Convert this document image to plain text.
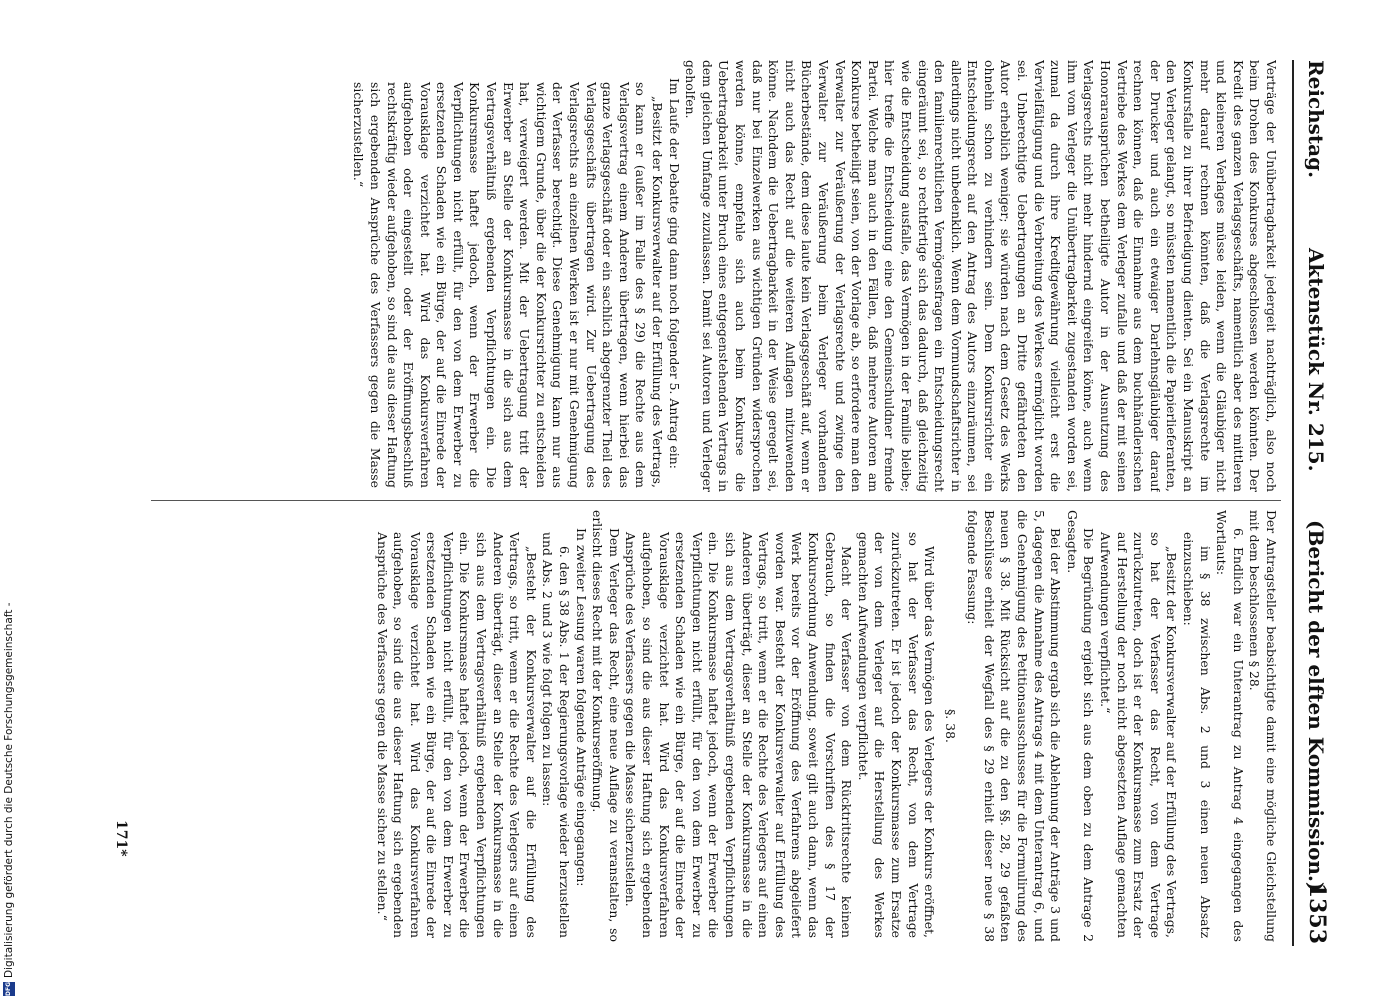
Reichstag.
Aktenstück Nr. 215.
(Bericht der elften Kommission.)
1353

Verträge der Unübertragbarkeit jedergeit nachträglich, also noch beim Drohen des Konkurses abgeschlossen werden könnten. Der Kredit des ganzen Verlagsgeschäfts, namentlich aber des mittleren und kleineren Verlages müsse leiden, wenn die Gläubiger nicht mehr darauf rechnen könnten, daß die Verlagsrechte im Konkursfalle zu ihrer Befriedigung dienten. Sei ein Manuskript an den Verleger gelangt, so müssten namentlich die Papierlieferanten, der Drucker und auch ein etwaiger Darlehnsgläubiger darauf rechnen können, daß die Einnahme aus dem buchhändlerischen Vertriebe des Werkes dem Verleger zufalle und daß der mit seinen Honorarausprüchen betheiligte Autor in der Ausnutzung des Verlagsrechts nicht mehr hindernd eingreifen könne, auch wenn ihm vom Verleger die Unübertragbarkeit zugestanden worden sei, zumal da durch ihre Kreditgewährung vielleicht erst die Vervielfältigung und die Verbreitung des Werkes ermöglicht worden sei. Unberechtigte Uebertragungen an Dritte gefährdeten den Autor erheblich weniger; sie würden nach dem Gesetz des Werks ohnehin schon zu verhindern sein. Dem Konkursrichter ein Entscheidungsrecht auf den Antrag des Autors einzuräumen, sei allerdings nicht unbedenklich. Wenn dem Vormundschaftsrichter in den familienrechtlichen Vermögensfragen ein Entscheidungsrecht eingeräumt sei, so rechtfertige sich das dadurch, daß gleichzeitig wie die Entscheidung ausfalle, das Vermögen in der Familie bleibe; hier treffe die Entscheidung eine den Gemeinschuldner fremde Partei. Welche man auch in den Fällen, daß mehrere Autoren am Konkurse betheiligt seien, von der Vorlage ab, so erfordere man den Verwalter zur Veräußerung der Verlagsrechte und zwinge den Verwalter zur Veräußerung beim Verleger vorhandenen Bücherbestände, dem diese laute kein Verlagsgeschäft auf, wenn er nicht auch das Recht auf die weiteren Auflagen mitzuwenden könne. Nachdem die Uebertragbarkeit in der Weise geregelt sei, daß nur bei Einzelwerken aus wichtigen Gründen widersprochen werden könne, empfehle sich auch beim Konkurse die Uebertragbarkeit unter Bruch eines entgegenstehenden Vertrags in dem gleichen Umfange zuzulassen. Damit sei Autoren und Verleger geholfen.

Im Laufe der Debatte ging dann noch folgender 5. Antrag ein:

„Besitzt der Konkursverwalter auf der Erfüllung des Vertrags, so kann er (außer im Falle des § 29) die Rechte aus dem Verlagsvertrag einem Anderen übertragen, wenn hierbei das ganze Verlagsgeschäft oder ein sachlich abgegrenzter Theil des Verlagsgeschäfts übertragen wird. Zur Uebertragung des Verlagsrechts an einzelnen Werken ist er nur mit Genehmigung der Verfasser berechtigt. Diese Genehmigung kann nur aus wichtigem Grunde, über die der Konkursrichter zu entscheiden hat, verweigert werden. Mit der Uebertragung tritt der Erwerber an Stelle der Konkursmasse in die sich aus dem Vertragsverhältniß ergebenden Verpflichtungen ein. Die Konkursmasse haftet jedoch, wenn der Erwerber die Verpflichtungen nicht erfüllt, für den von dem Erwerber zu ersetzenden Schaden wie ein Bürge, der auf die Einrede der Vorausklage verzichtet hat. Wird das Konkursverfahren aufgehoben oder eingestellt oder der Eröffnungsbeschluß rechtskräftig wieder aufgehoben, so sind die aus dieser Haftung sich ergebenden Ansprüche des Verfassers gegen die Masse sicherzustellen.“

Der Antragsteller beabsichtigte damit eine mögliche Gleichstellung mit dem beschlossenen § 28.

6. Endlich war ein Unterantrag zu Antrag 4 eingegangen des Wortlauts:

im § 38 zwischen Abs. 2 und 3 einen neuen Absatz einzuschieben:

„Besitzt der Konkursverwalter auf der Erfüllung des Vertrags, so hat der Verfasser das Recht, von dem Vertrage zurückzutreten, doch ist er der Konkursmasse zum Ersatz der auf Herstellung der noch nicht abgesetzten Auflage gemachten Aufwendungen verpflichtet.“

Die Begründung ergiebt sich aus dem oben zu dem Antrage 2 Gesagten.

Bei der Abstimmung ergab sich die Ablehnung der Anträge 3 und 5, dagegen die Annahme des Antrags 4 mit dem Unterantrag 6, und die Genehmigung des Petitionsausschusses für die Formulirung des neuen § 38. Mit Rücksicht auf die zu den §§. 28, 29 gefaßten Beschlüsse erhielt der Wegfall des § 29 erhielt dieser neue § 38 folgende Fassung:

§. 38.

Wird über das Vermögen des Verlegers der Konkurs eröffnet, so hat der Verfasser das Recht, von dem Vertrage zurückzutreten. Er ist jedoch der Konkursmasse zum Ersatze der von dem Verleger auf die Herstellung des Werkes gemachten Aufwendungen verpflichtet.

Macht der Verfasser von dem Rücktrittsrechte keinen Gebrauch, so finden die Vorschriften des § 17 der Konkursordnung Anwendung, soweit gilt auch dann, wenn das Werk bereits vor der Eröffnung des Verfahrens abgeliefert worden war. Besteht der Konkursverwalter auf Erfüllung des Vertrags, so tritt, wenn er die Rechte des Verlegers auf einen Anderen überträgt, dieser an Stelle der Konkursmasse in die sich aus dem Vertragsverhältniß ergebenden Verpflichtungen ein. Die Konkursmasse haftet jedoch, wenn der Erwerber die Verpflichtungen nicht erfüllt, für den von dem Erwerber zu ersetzenden Schaden wie ein Bürge, der auf die Einrede der Vorausklage verzichtet hat. Wird das Konkursverfahren aufgehoben, so sind die aus dieser Haftung sich ergebenden Ansprüche des Verfassers gegen die Masse sicherzustellen.

Dem Verleger das Recht, eine neue Auflage zu veranstalten, so erlischt dieses Recht mit der Konkurseröffnung.

In zweiter Lesung waren folgende Anträge eingegangen:

6. den § 38 Abs. 1 der Regierungsvorlage wieder herzustellen und Abs. 2 und 3 wie folgt folgen zu lassen:

„Besteht der Konkursverwalter auf die Erfüllung des Vertrags, so tritt, wenn er die Rechte des Verlegers auf einen Anderen überträgt, dieser an Stelle der Konkursmasse in die sich aus dem Vertragsverhältniß ergebenden Verpflichtungen ein. Die Konkursmasse haftet jedoch, wenn der Erwerber die Verpflichtungen nicht erfüllt, für den von dem Erwerber zu ersetzenden Schaden wie ein Bürge, der auf die Einrede der Vorausklage verzichtet hat. Wird das Konkursverfahren aufgehoben, so sind die aus dieser Haftung sich ergebenden Ansprüche des Verfassers gegen die Masse sicher zu stellen.“

171*
DFG
Digitalisierung gefördert durch die Deutsche Forschungsgemeinschaft -
